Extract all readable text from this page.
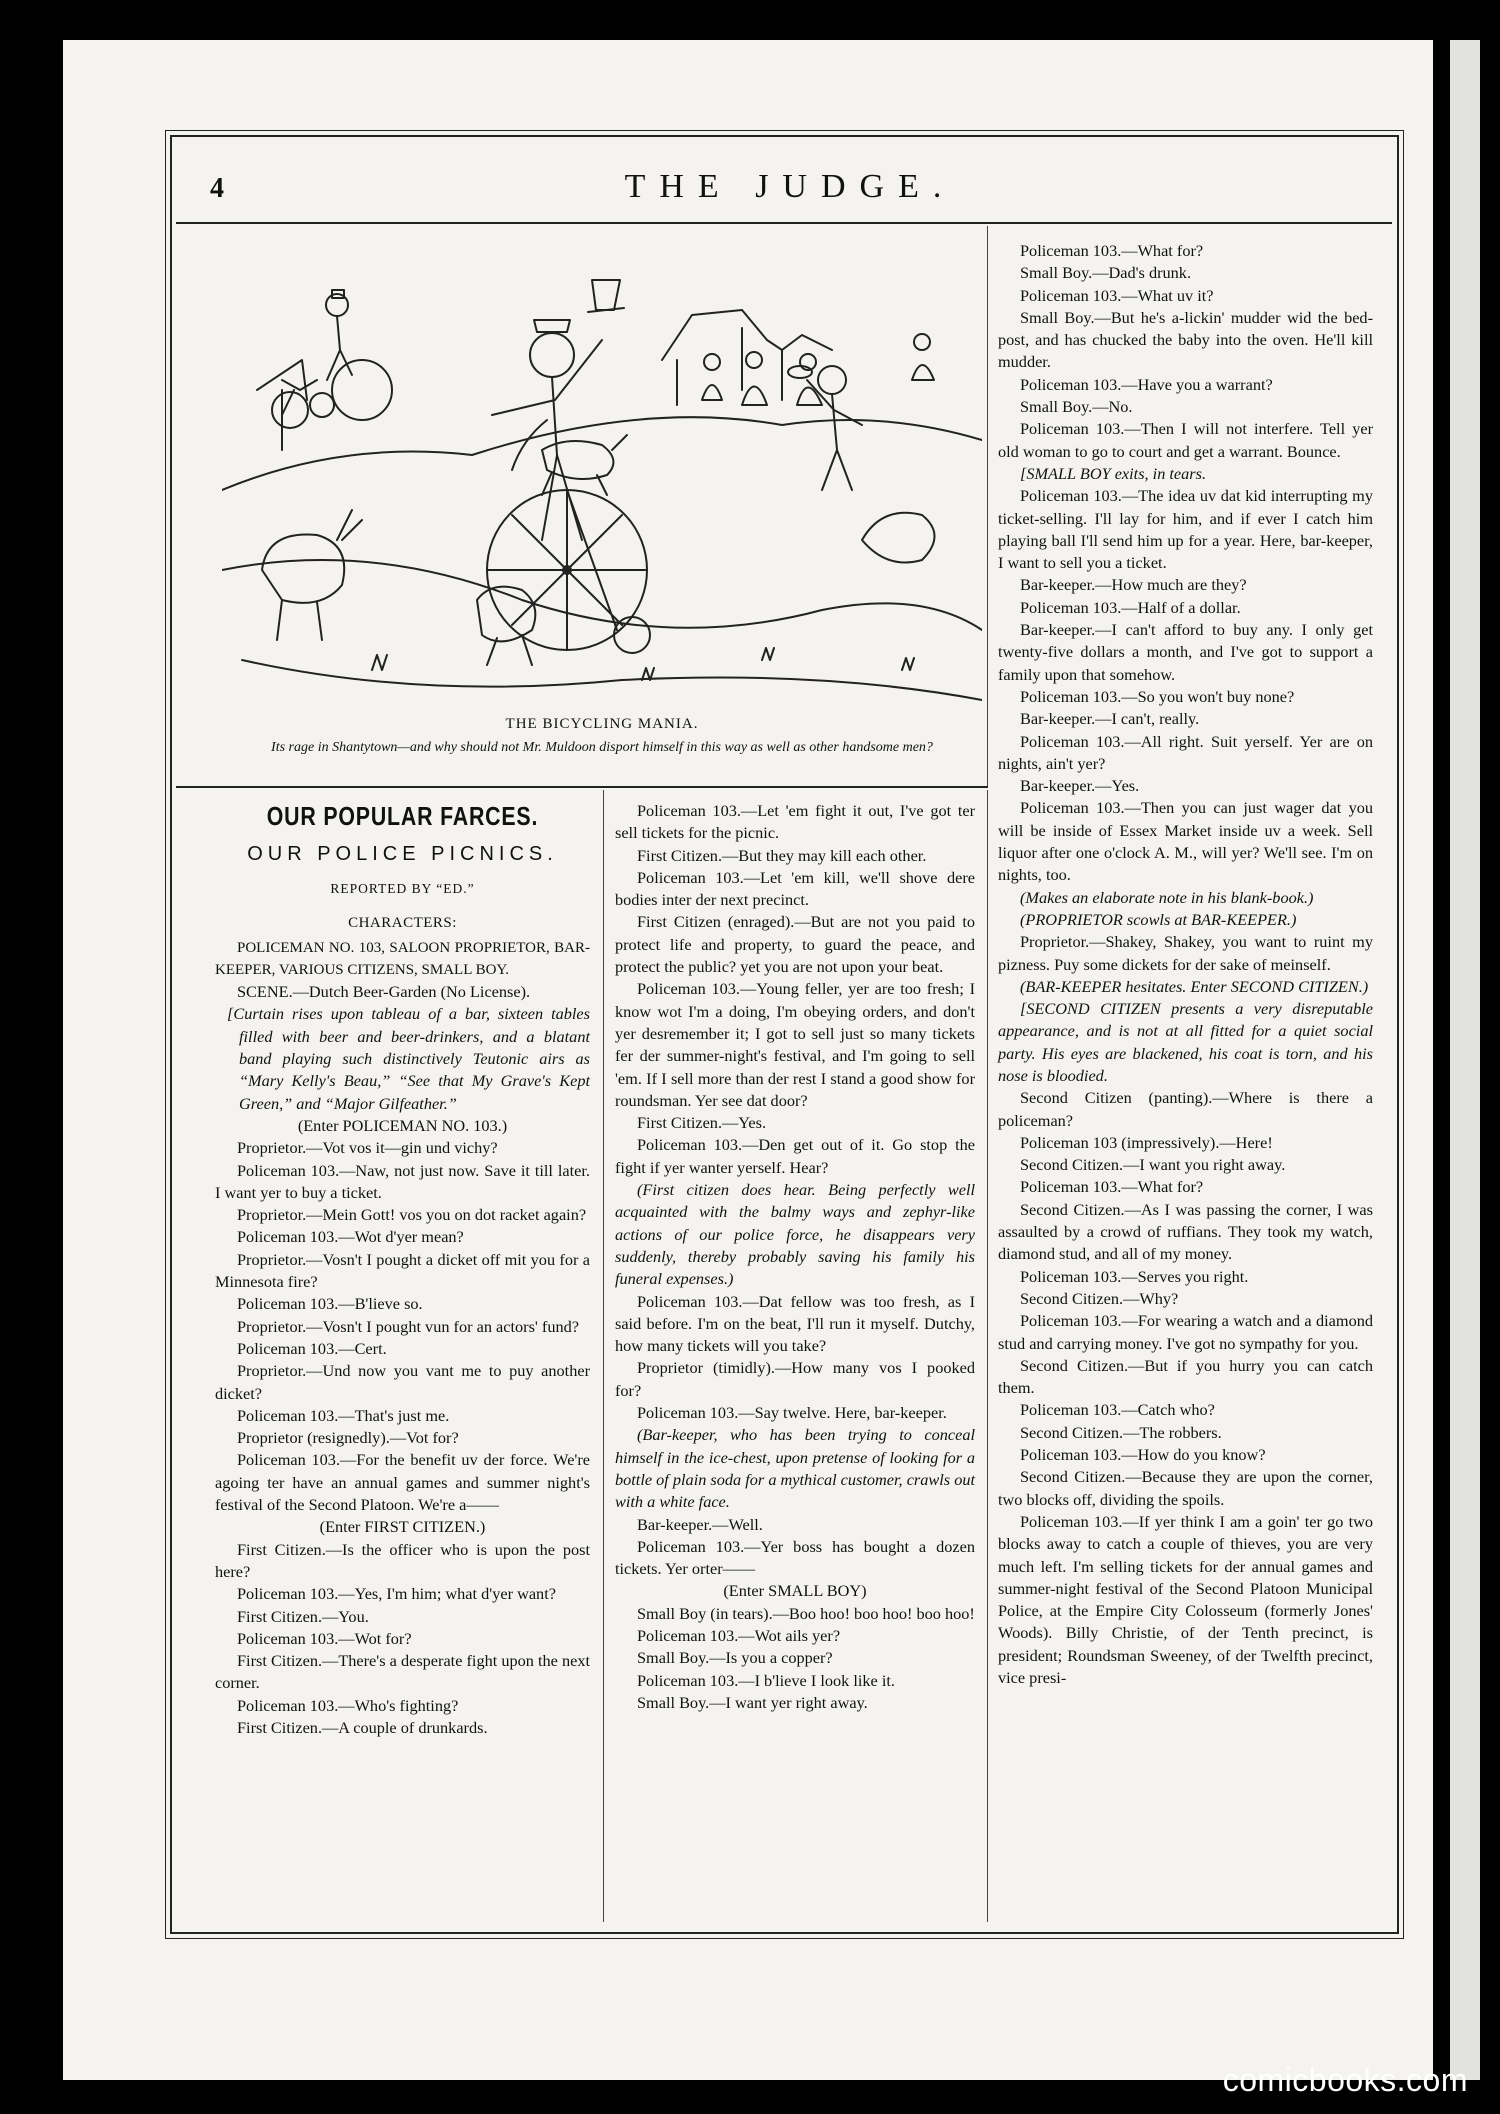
4	THE JUDGE.
THE BICYCLING MANIA.
Its rage in Shantytown—and why should not Mr. Muldoon disport himself in this way as well as other handsome men?
OUR POPULAR FARCES.
OUR POLICE PICNICS.
REPORTED BY “ED.”
CHARACTERS:

POLICEMAN NO. 103, SALOON PROPRIETOR, BAR-KEEPER, VARIOUS CITIZENS, SMALL BOY.

SCENE.—Dutch Beer-Garden (No License).

[Curtain rises upon tableau of a bar, sixteen tables filled with beer and beer-drinkers, and a blatant band playing such distinctively Teutonic airs as “Mary Kelly's Beau,” “See that My Grave's Kept Green,” and “Major Gilfeather.”

(Enter POLICEMAN NO. 103.)

Proprietor.—Vot vos it—gin und vichy?

Policeman 103.—Naw, not just now. Save it till later. I want yer to buy a ticket.

Proprietor.—Mein Gott! vos you on dot racket again?

Policeman 103.—Wot d'yer mean?

Proprietor.—Vosn't I pought a dicket off mit you for a Minnesota fire?

Policeman 103.—B'lieve so.

Proprietor.—Vosn't I pought vun for an actors' fund?

Policeman 103.—Cert.

Proprietor.—Und now you vant me to puy another dicket?

Policeman 103.—That's just me.

Proprietor (resignedly).—Vot for?

Policeman 103.—For the benefit uv der force. We're agoing ter have an annual games and summer night's festival of the Second Platoon. We're a——

(Enter FIRST CITIZEN.)

First Citizen.—Is the officer who is upon the post here?

Policeman 103.—Yes, I'm him; what d'yer want?

First Citizen.—You.

Policeman 103.—Wot for?

First Citizen.—There's a desperate fight upon the next corner.

Policeman 103.—Who's fighting?

First Citizen.—A couple of drunkards.

Policeman 103.—Let 'em fight it out, I've got ter sell tickets for the picnic.

First Citizen.—But they may kill each other.

Policeman 103.—Let 'em kill, we'll shove dere bodies inter der next precinct.

First Citizen (enraged).—But are not you paid to protect life and property, to guard the peace, and protect the public? yet you are not upon your beat.

Policeman 103.—Young feller, yer are too fresh; I know wot I'm a doing, I'm obeying orders, and don't yer desremember it; I got to sell just so many tickets fer der summer-night's festival, and I'm going to sell 'em. If I sell more than der rest I stand a good show for roundsman. Yer see dat door?

First Citizen.—Yes.

Policeman 103.—Den get out of it. Go stop the fight if yer wanter yerself. Hear?

(First citizen does hear. Being perfectly well acquainted with the balmy ways and zephyr-like actions of our police force, he disappears very suddenly, thereby probably saving his family his funeral expenses.)

Policeman 103.—Dat fellow was too fresh, as I said before. I'm on the beat, I'll run it myself. Dutchy, how many tickets will you take?

Proprietor (timidly).—How many vos I pooked for?

Policeman 103.—Say twelve. Here, bar-keeper.

(Bar-keeper, who has been trying to conceal himself in the ice-chest, upon pretense of looking for a bottle of plain soda for a mythical customer, crawls out with a white face.

Bar-keeper.—Well.

Policeman 103.—Yer boss has bought a dozen tickets. Yer orter——

(Enter SMALL BOY)

Small Boy (in tears).—Boo hoo! boo hoo! boo hoo!

Policeman 103.—Wot ails yer?

Small Boy.—Is you a copper?

Policeman 103.—I b'lieve I look like it.

Small Boy.—I want yer right away.

Policeman 103.—What for?

Small Boy.—Dad's drunk.

Policeman 103.—What uv it?

Small Boy.—But he's a-lickin' mudder wid the bed-post, and has chucked the baby into the oven. He'll kill mudder.

Policeman 103.—Have you a warrant?

Small Boy.—No.

Policeman 103.—Then I will not interfere. Tell yer old woman to go to court and get a warrant. Bounce.

[SMALL BOY exits, in tears.

Policeman 103.—The idea uv dat kid interrupting my ticket-selling. I'll lay for him, and if ever I catch him playing ball I'll send him up for a year. Here, bar-keeper, I want to sell you a ticket.

Bar-keeper.—How much are they?

Policeman 103.—Half of a dollar.

Bar-keeper.—I can't afford to buy any. I only get twenty-five dollars a month, and I've got to support a family upon that somehow.

Policeman 103.—So you won't buy none?

Bar-keeper.—I can't, really.

Policeman 103.—All right. Suit yerself. Yer are on nights, ain't yer?

Bar-keeper.—Yes.

Policeman 103.—Then you can just wager dat you will be inside of Essex Market inside uv a week. Sell liquor after one o'clock A. M., will yer? We'll see. I'm on nights, too.

(Makes an elaborate note in his blank-book.)

(PROPRIETOR scowls at BAR-KEEPER.)

Proprietor.—Shakey, Shakey, you want to ruint my pizness. Puy some dickets for der sake of meinself.

(BAR-KEEPER hesitates. Enter SECOND CITIZEN.)

[SECOND CITIZEN presents a very disreputable appearance, and is not at all fitted for a quiet social party. His eyes are blackened, his coat is torn, and his nose is bloodied.

Second Citizen (panting).—Where is there a policeman?

Policeman 103 (impressively).—Here!

Second Citizen.—I want you right away.

Policeman 103.—What for?

Second Citizen.—As I was passing the corner, I was assaulted by a crowd of ruffians. They took my watch, diamond stud, and all of my money.

Policeman 103.—Serves you right.

Second Citizen.—Why?

Policeman 103.—For wearing a watch and a diamond stud and carrying money. I've got no sympathy for you.

Second Citizen.—But if you hurry you can catch them.

Policeman 103.—Catch who?

Second Citizen.—The robbers.

Policeman 103.—How do you know?

Second Citizen.—Because they are upon the corner, two blocks off, dividing the spoils.

Policeman 103.—If yer think I am a goin' ter go two blocks away to catch a couple of thieves, you are very much left. I'm selling tickets for der annual games and summer-night festival of the Second Platoon Municipal Police, at the Empire City Colosseum (formerly Jones' Woods). Billy Christie, of der Tenth precinct, is president; Roundsman Sweeney, of der Twelfth precinct, vice presi-

comicbooks.com
